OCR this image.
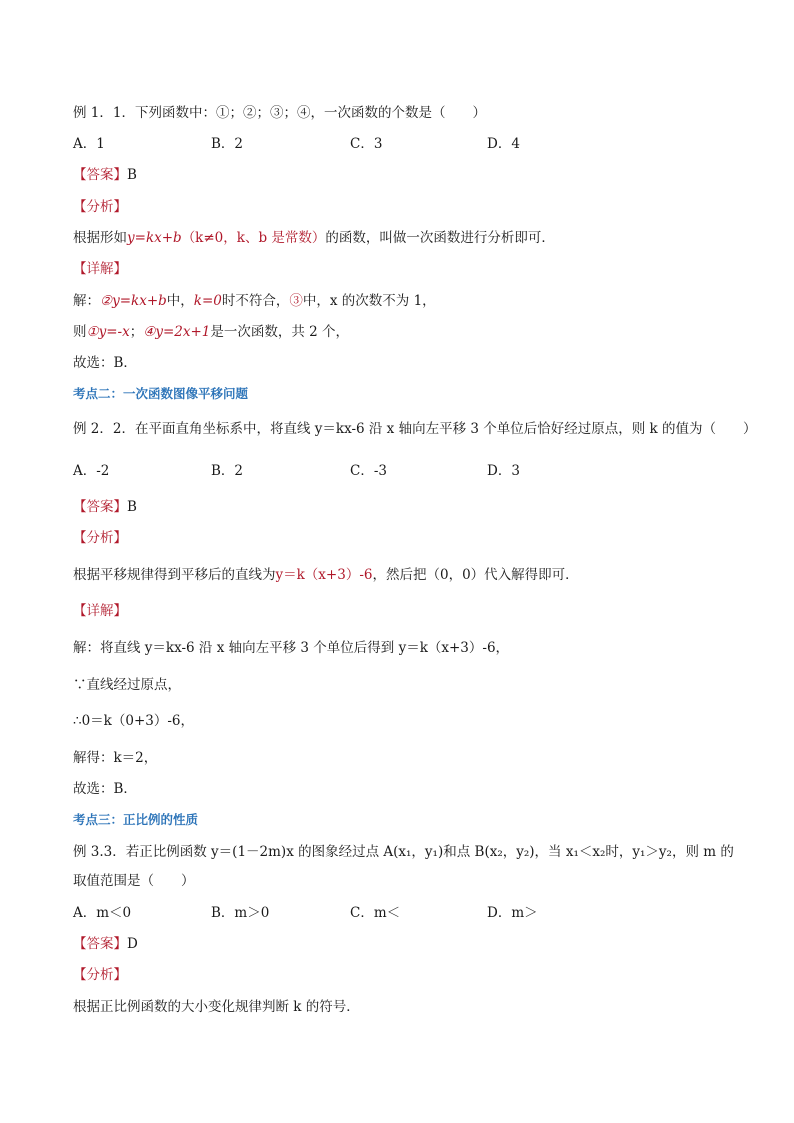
例 1．1．下列函数中：①；②；③；④，一次函数的个数是（　　）
A．1	B．2	C．3	D．4
【答案】B
【分析】
根据形如y=kx+b（k≠0，k、b 是常数）的函数，叫做一次函数进行分析即可．
【详解】
解：②y=kx+b中，k=0时不符合，③中，x 的次数不为 1，
则①y=-x；④y=2x+1是一次函数，共 2 个，
故选：B．
考点二：一次函数图像平移问题
例 2．2．在平面直角坐标系中，将直线 y＝kx-6 沿 x 轴向左平移 3 个单位后恰好经过原点，则 k 的值为（　　）
A．-2	B．2	C．-3	D．3
【答案】B
【分析】
根据平移规律得到平移后的直线为y＝k（x+3）-6，然后把（0，0）代入解得即可．
【详解】
解：将直线 y＝kx-6 沿 x 轴向左平移 3 个单位后得到 y＝k（x+3）-6，
∵直线经过原点，
∴0＝k（0+3）-6，
解得：k＝2，
故选：B．
考点三：正比例的性质
例 3.3．若正比例函数 y＝(1－2m)x 的图象经过点 A(x₁，y₁)和点 B(x₂，y₂)，当 x₁＜x₂时，y₁＞y₂，则 m 的
取值范围是（　　）
A．m＜0	B．m＞0	C．m＜	D．m＞
【答案】D
【分析】
根据正比例函数的大小变化规律判断 k 的符号．
